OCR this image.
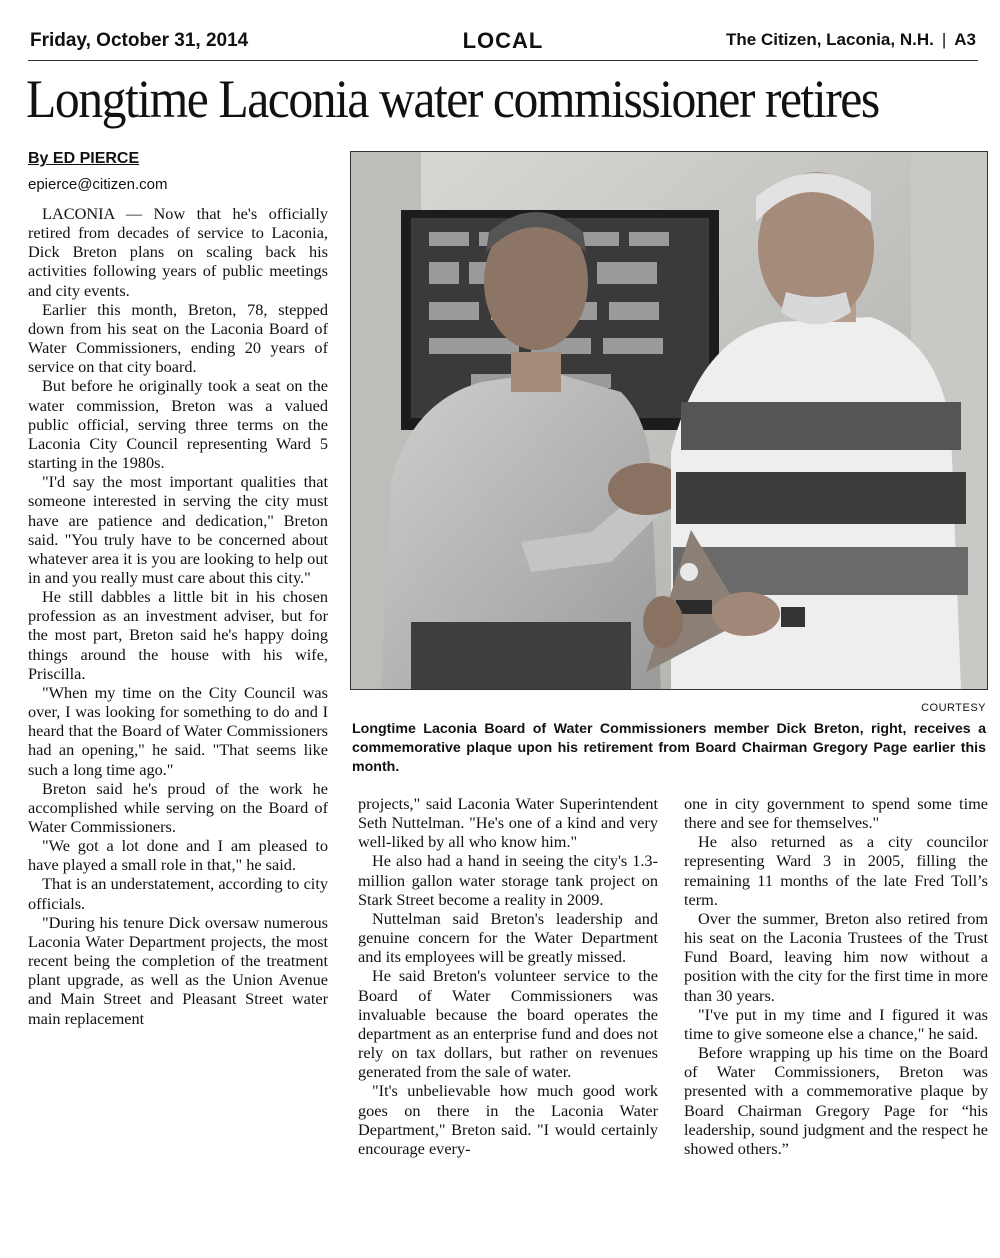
Friday, October 31, 2014	LOCAL	The Citizen, Laconia, N.H. | A3
Longtime Laconia water commissioner retires
By ED PIERCE
epierce@citizen.com

LACONIA — Now that he's officially retired from decades of service to Laconia, Dick Breton plans on scaling back his activities following years of public meetings and city events.

Earlier this month, Breton, 78, stepped down from his seat on the Laconia Board of Water Commissioners, ending 20 years of service on that city board.

But before he originally took a seat on the water commission, Breton was a valued public official, serving three terms on the Laconia City Council representing Ward 5 starting in the 1980s.

"I'd say the most important qualities that someone interested in serving the city must have are patience and dedication," Breton said. "You truly have to be concerned about whatever area it is you are looking to help out in and you really must care about this city."

He still dabbles a little bit in his chosen profession as an investment adviser, but for the most part, Breton said he's happy doing things around the house with his wife, Priscilla.

"When my time on the City Council was over, I was looking for something to do and I heard that the Board of Water Commissioners had an opening," he said. "That seems like such a long time ago."

Breton said he's proud of the work he accomplished while serving on the Board of Water Commissioners.

"We got a lot done and I am pleased to have played a small role in that," he said.

That is an understatement, according to city officials.

"During his tenure Dick oversaw numerous Laconia Water Department projects, the most recent being the completion of the treatment plant upgrade, as well as the Union Avenue and Main Street and Pleasant Street water main replacement

COURTESY
Longtime Laconia Board of Water Commissioners member Dick Breton, right, receives a commemorative plaque upon his retirement from Board Chairman Gregory Page earlier this month.

projects," said Laconia Water Superintendent Seth Nuttelman. "He's one of a kind and very well-liked by all who know him."

He also had a hand in seeing the city's 1.3-million gallon water storage tank project on Stark Street become a reality in 2009.

Nuttelman said Breton's leadership and genuine concern for the Water Department and its employees will be greatly missed.

He said Breton's volunteer service to the Board of Water Commissioners was invaluable because the board operates the department as an enterprise fund and does not rely on tax dollars, but rather on revenues generated from the sale of water.

"It's unbelievable how much good work goes on there in the Laconia Water Department," Breton said. "I would certainly encourage every-

one in city government to spend some time there and see for themselves."

He also returned as a city councilor representing Ward 3 in 2005, filling the remaining 11 months of the late Fred Toll’s term.

Over the summer, Breton also retired from his seat on the Laconia Trustees of the Trust Fund Board, leaving him now without a position with the city for the first time in more than 30 years.

"I've put in my time and I figured it was time to give someone else a chance," he said.

Before wrapping up his time on the Board of Water Commissioners, Breton was presented with a commemorative plaque by Board Chairman Gregory Page for “his leadership, sound judgment and the respect he showed others.”
